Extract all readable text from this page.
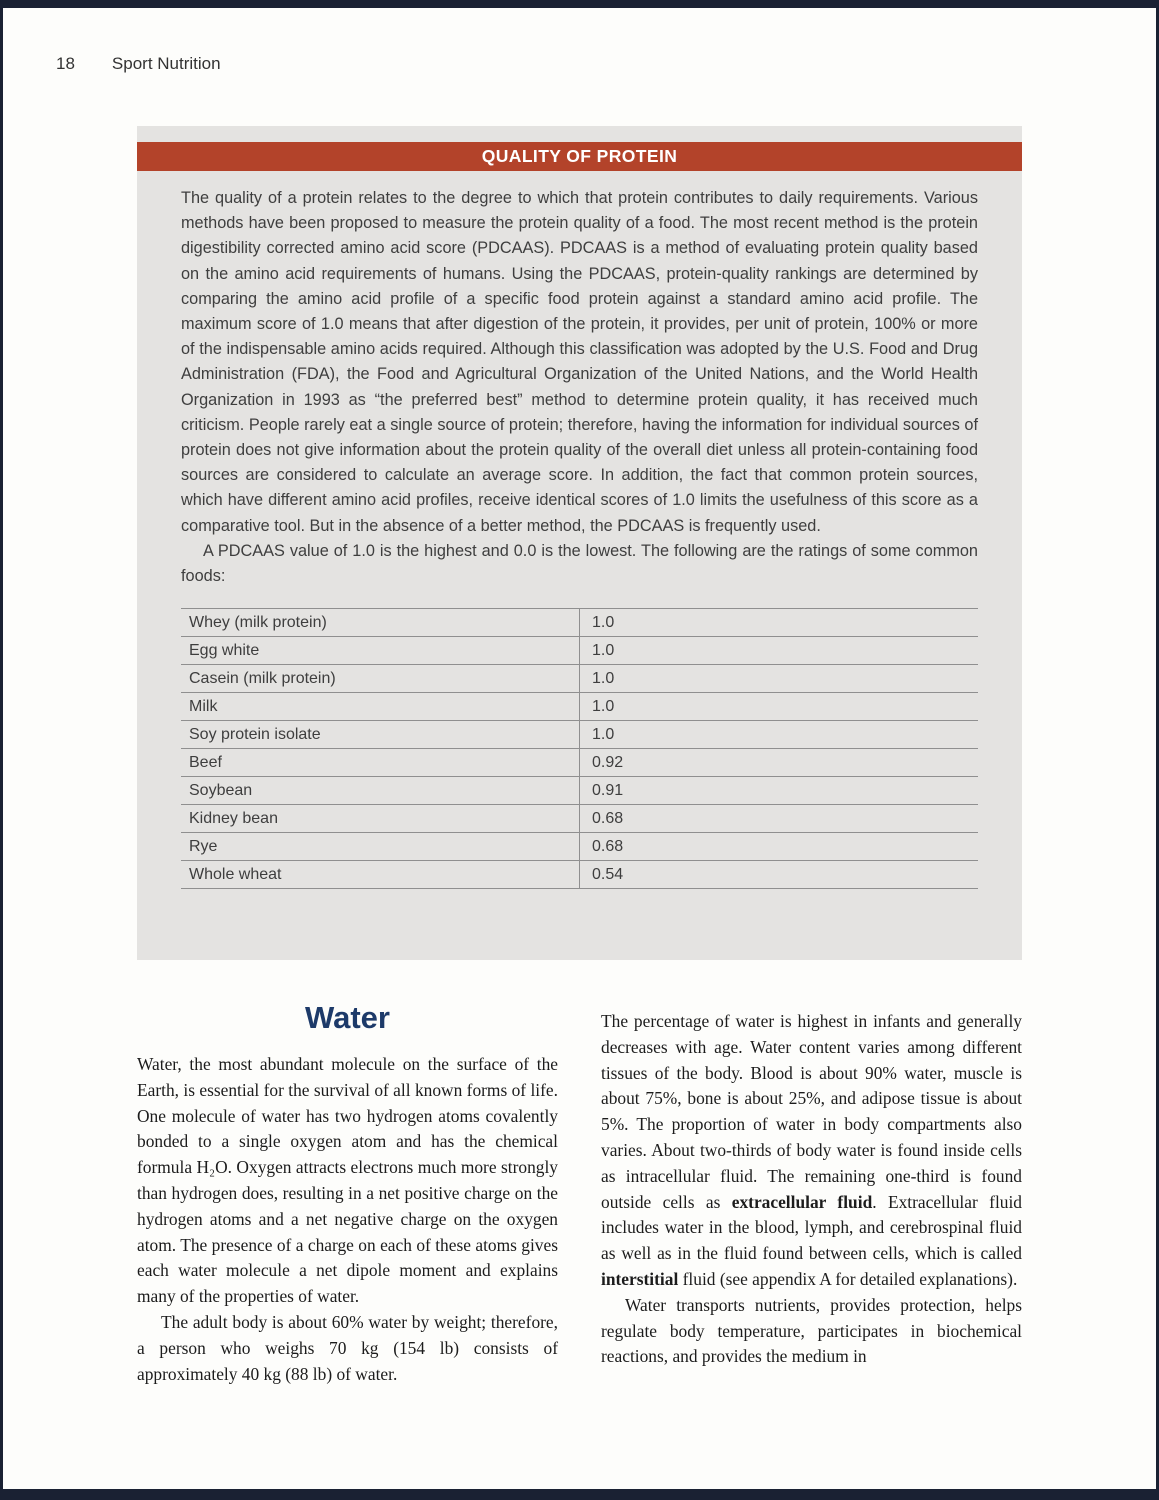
18 Sport Nutrition
QUALITY OF PROTEIN

The quality of a protein relates to the degree to which that protein contributes to daily requirements. Various methods have been proposed to measure the protein quality of a food. The most recent method is the protein digestibility corrected amino acid score (PDCAAS). PDCAAS is a method of evaluating protein quality based on the amino acid requirements of humans. Using the PDCAAS, protein-quality rankings are determined by comparing the amino acid profile of a specific food protein against a standard amino acid profile. The maximum score of 1.0 means that after digestion of the protein, it provides, per unit of protein, 100% or more of the indispensable amino acids required. Although this classification was adopted by the U.S. Food and Drug Administration (FDA), the Food and Agricultural Organization of the United Nations, and the World Health Organization in 1993 as “the preferred best” method to determine protein quality, it has received much criticism. People rarely eat a single source of protein; therefore, having the information for individual sources of protein does not give information about the protein quality of the overall diet unless all protein-containing food sources are considered to calculate an average score. In addition, the fact that common protein sources, which have different amino acid profiles, receive identical scores of 1.0 limits the usefulness of this score as a comparative tool. But in the absence of a better method, the PDCAAS is frequently used.

A PDCAAS value of 1.0 is the highest and 0.0 is the lowest. The following are the ratings of some common foods:

Whey (milk protein)	1.0
Egg white	1.0
Casein (milk protein)	1.0
Milk	1.0
Soy protein isolate	1.0
Beef	0.92
Soybean	0.91
Kidney bean	0.68
Rye	0.68
Whole wheat	0.54
Water

Water, the most abundant molecule on the surface of the Earth, is essential for the survival of all known forms of life. One molecule of water has two hydrogen atoms covalently bonded to a single oxygen atom and has the chemical formula H₂O. Oxygen attracts electrons much more strongly than hydrogen does, resulting in a net positive charge on the hydrogen atoms and a net negative charge on the oxygen atom. The presence of a charge on each of these atoms gives each water molecule a net dipole moment and explains many of the properties of water.

The adult body is about 60% water by weight; therefore, a person who weighs 70 kg (154 lb) consists of approximately 40 kg (88 lb) of water.

The percentage of water is highest in infants and generally decreases with age. Water content varies among different tissues of the body. Blood is about 90% water, muscle is about 75%, bone is about 25%, and adipose tissue is about 5%. The proportion of water in body compartments also varies. About two-thirds of body water is found inside cells as intracellular fluid. The remaining one-third is found outside cells as extracellular fluid. Extracellular fluid includes water in the blood, lymph, and cerebrospinal fluid as well as in the fluid found between cells, which is called interstitial fluid (see appendix A for detailed explanations).

Water transports nutrients, provides protection, helps regulate body temperature, participates in biochemical reactions, and provides the medium in
